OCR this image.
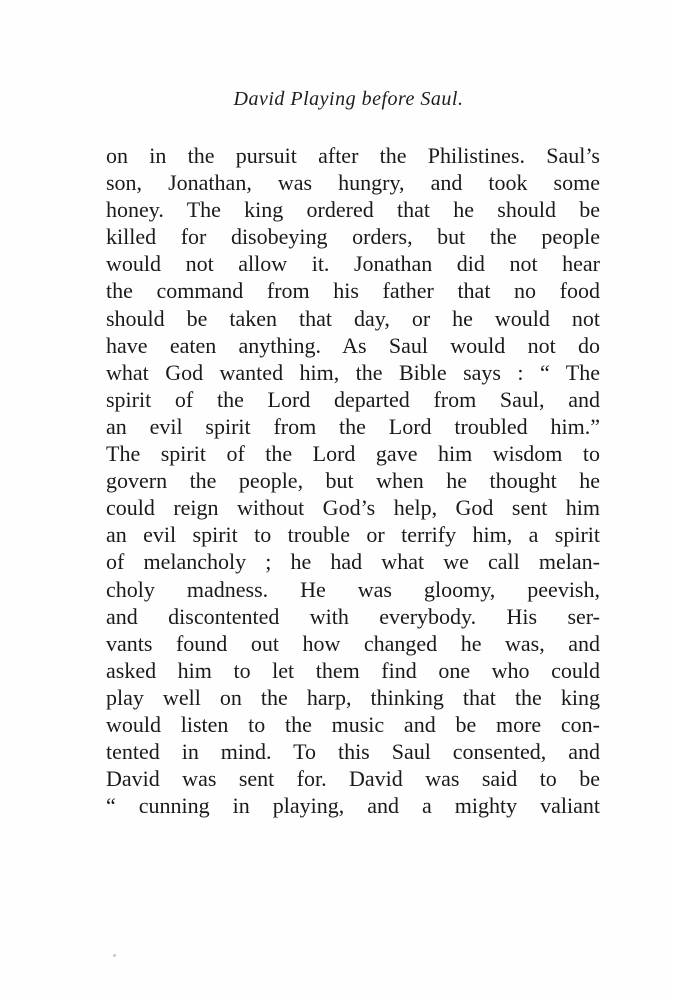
David Playing before Saul.
on in the pursuit after the Philistines. Saul’s
son, Jonathan, was hungry, and took some
honey. The king ordered that he should be
killed for disobeying orders, but the people
would not allow it. Jonathan did not hear
the command from his father that no food
should be taken that day, or he would not
have eaten anything. As Saul would not do
what God wanted him, the Bible says : “ The
spirit of the Lord departed from Saul, and
an evil spirit from the Lord troubled him.”
The spirit of the Lord gave him wisdom to
govern the people, but when he thought he
could reign without God’s help, God sent him
an evil spirit to trouble or terrify him, a spirit
of melancholy ; he had what we call melan-
choly madness. He was gloomy, peevish,
and discontented with everybody. His ser-
vants found out how changed he was, and
asked him to let them find one who could
play well on the harp, thinking that the king
would listen to the music and be more con-
tented in mind. To this Saul consented, and
David was sent for. David was said to be
“ cunning in playing, and a mighty valiant
